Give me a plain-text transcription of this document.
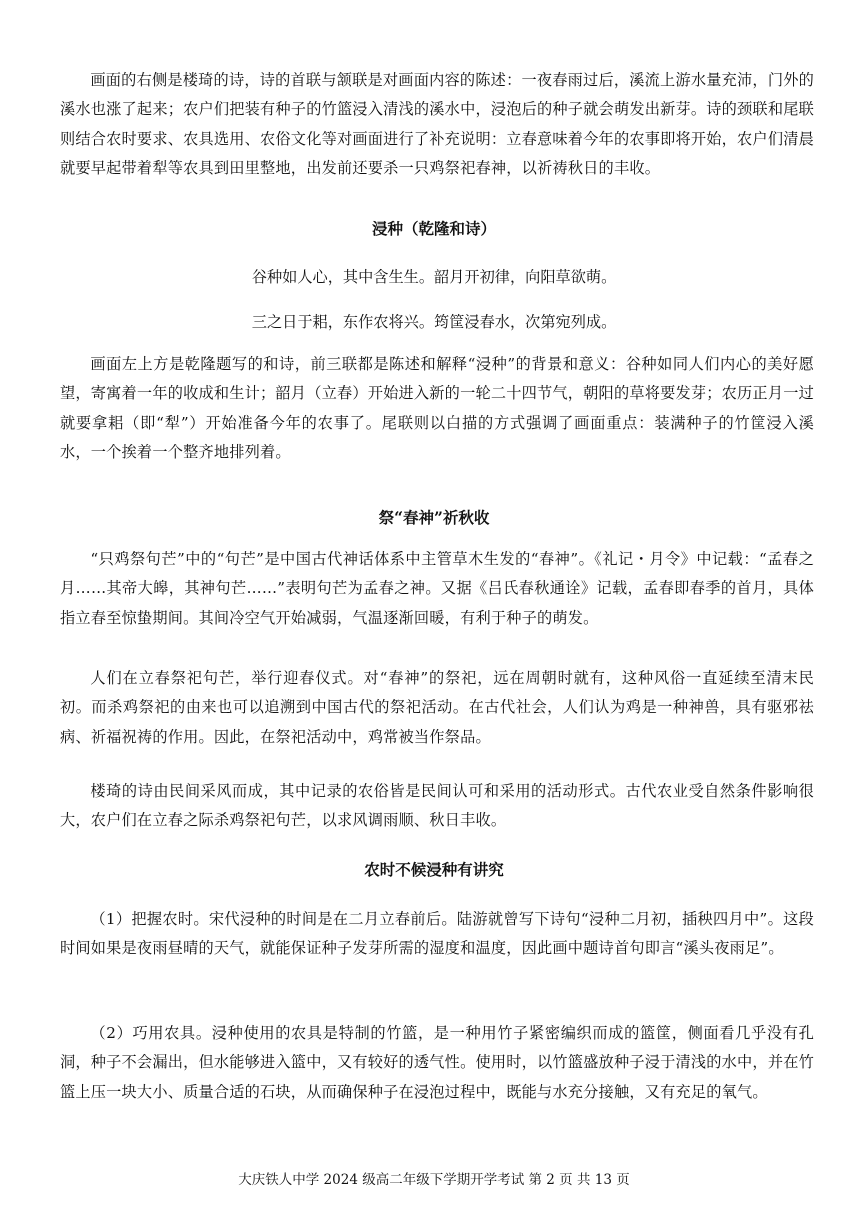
画面的右侧是楼琦的诗，诗的首联与颔联是对画面内容的陈述：一夜春雨过后，溪流上游水量充沛，门外的溪水也涨了起来；农户们把装有种子的竹篮浸入清浅的溪水中，浸泡后的种子就会萌发出新芽。诗的颈联和尾联则结合农时要求、农具选用、农俗文化等对画面进行了补充说明：立春意味着今年的农事即将开始，农户们清晨就要早起带着犁等农具到田里整地，出发前还要杀一只鸡祭祀春神，以祈祷秋日的丰收。

浸种（乾隆和诗）

谷种如人心，其中含生生。韶月开初律，向阳草欲萌。

三之日于耜，东作农将兴。筠筐浸春水，次第宛列成。

画面左上方是乾隆题写的和诗，前三联都是陈述和解释“浸种”的背景和意义：谷种如同人们内心的美好愿望，寄寓着一年的收成和生计；韶月（立春）开始进入新的一轮二十四节气，朝阳的草将要发芽；农历正月一过就要拿耜（即“犁”）开始准备今年的农事了。尾联则以白描的方式强调了画面重点：装满种子的竹筐浸入溪水，一个挨着一个整齐地排列着。

祭“春神”祈秋收

“只鸡祭句芒”中的“句芒”是中国古代神话体系中主管草木生发的“春神”。《礼记・月令》中记载：“孟春之月……其帝大皞，其神句芒……”表明句芒为孟春之神。又据《吕氏春秋通诠》记载，孟春即春季的首月，具体指立春至惊蛰期间。其间冷空气开始减弱，气温逐渐回暖，有利于种子的萌发。

人们在立春祭祀句芒，举行迎春仪式。对“春神”的祭祀，远在周朝时就有，这种风俗一直延续至清末民初。而杀鸡祭祀的由来也可以追溯到中国古代的祭祀活动。在古代社会，人们认为鸡是一种神兽，具有驱邪祛病、祈福祝祷的作用。因此，在祭祀活动中，鸡常被当作祭品。

楼琦的诗由民间采风而成，其中记录的农俗皆是民间认可和采用的活动形式。古代农业受自然条件影响很大，农户们在立春之际杀鸡祭祀句芒，以求风调雨顺、秋日丰收。

农时不候浸种有讲究

（1）把握农时。宋代浸种的时间是在二月立春前后。陆游就曾写下诗句“浸种二月初，插秧四月中”。这段时间如果是夜雨昼晴的天气，就能保证种子发芽所需的湿度和温度，因此画中题诗首句即言“溪头夜雨足”。

（2）巧用农具。浸种使用的农具是特制的竹篮，是一种用竹子紧密编织而成的篮筐，侧面看几乎没有孔洞，种子不会漏出，但水能够进入篮中，又有较好的透气性。使用时，以竹篮盛放种子浸于清浅的水中，并在竹篮上压一块大小、质量合适的石块，从而确保种子在浸泡过程中，既能与水充分接触，又有充足的氧气。

大庆铁人中学 2024 级高二年级下学期开学考试 第 2 页 共 13 页
